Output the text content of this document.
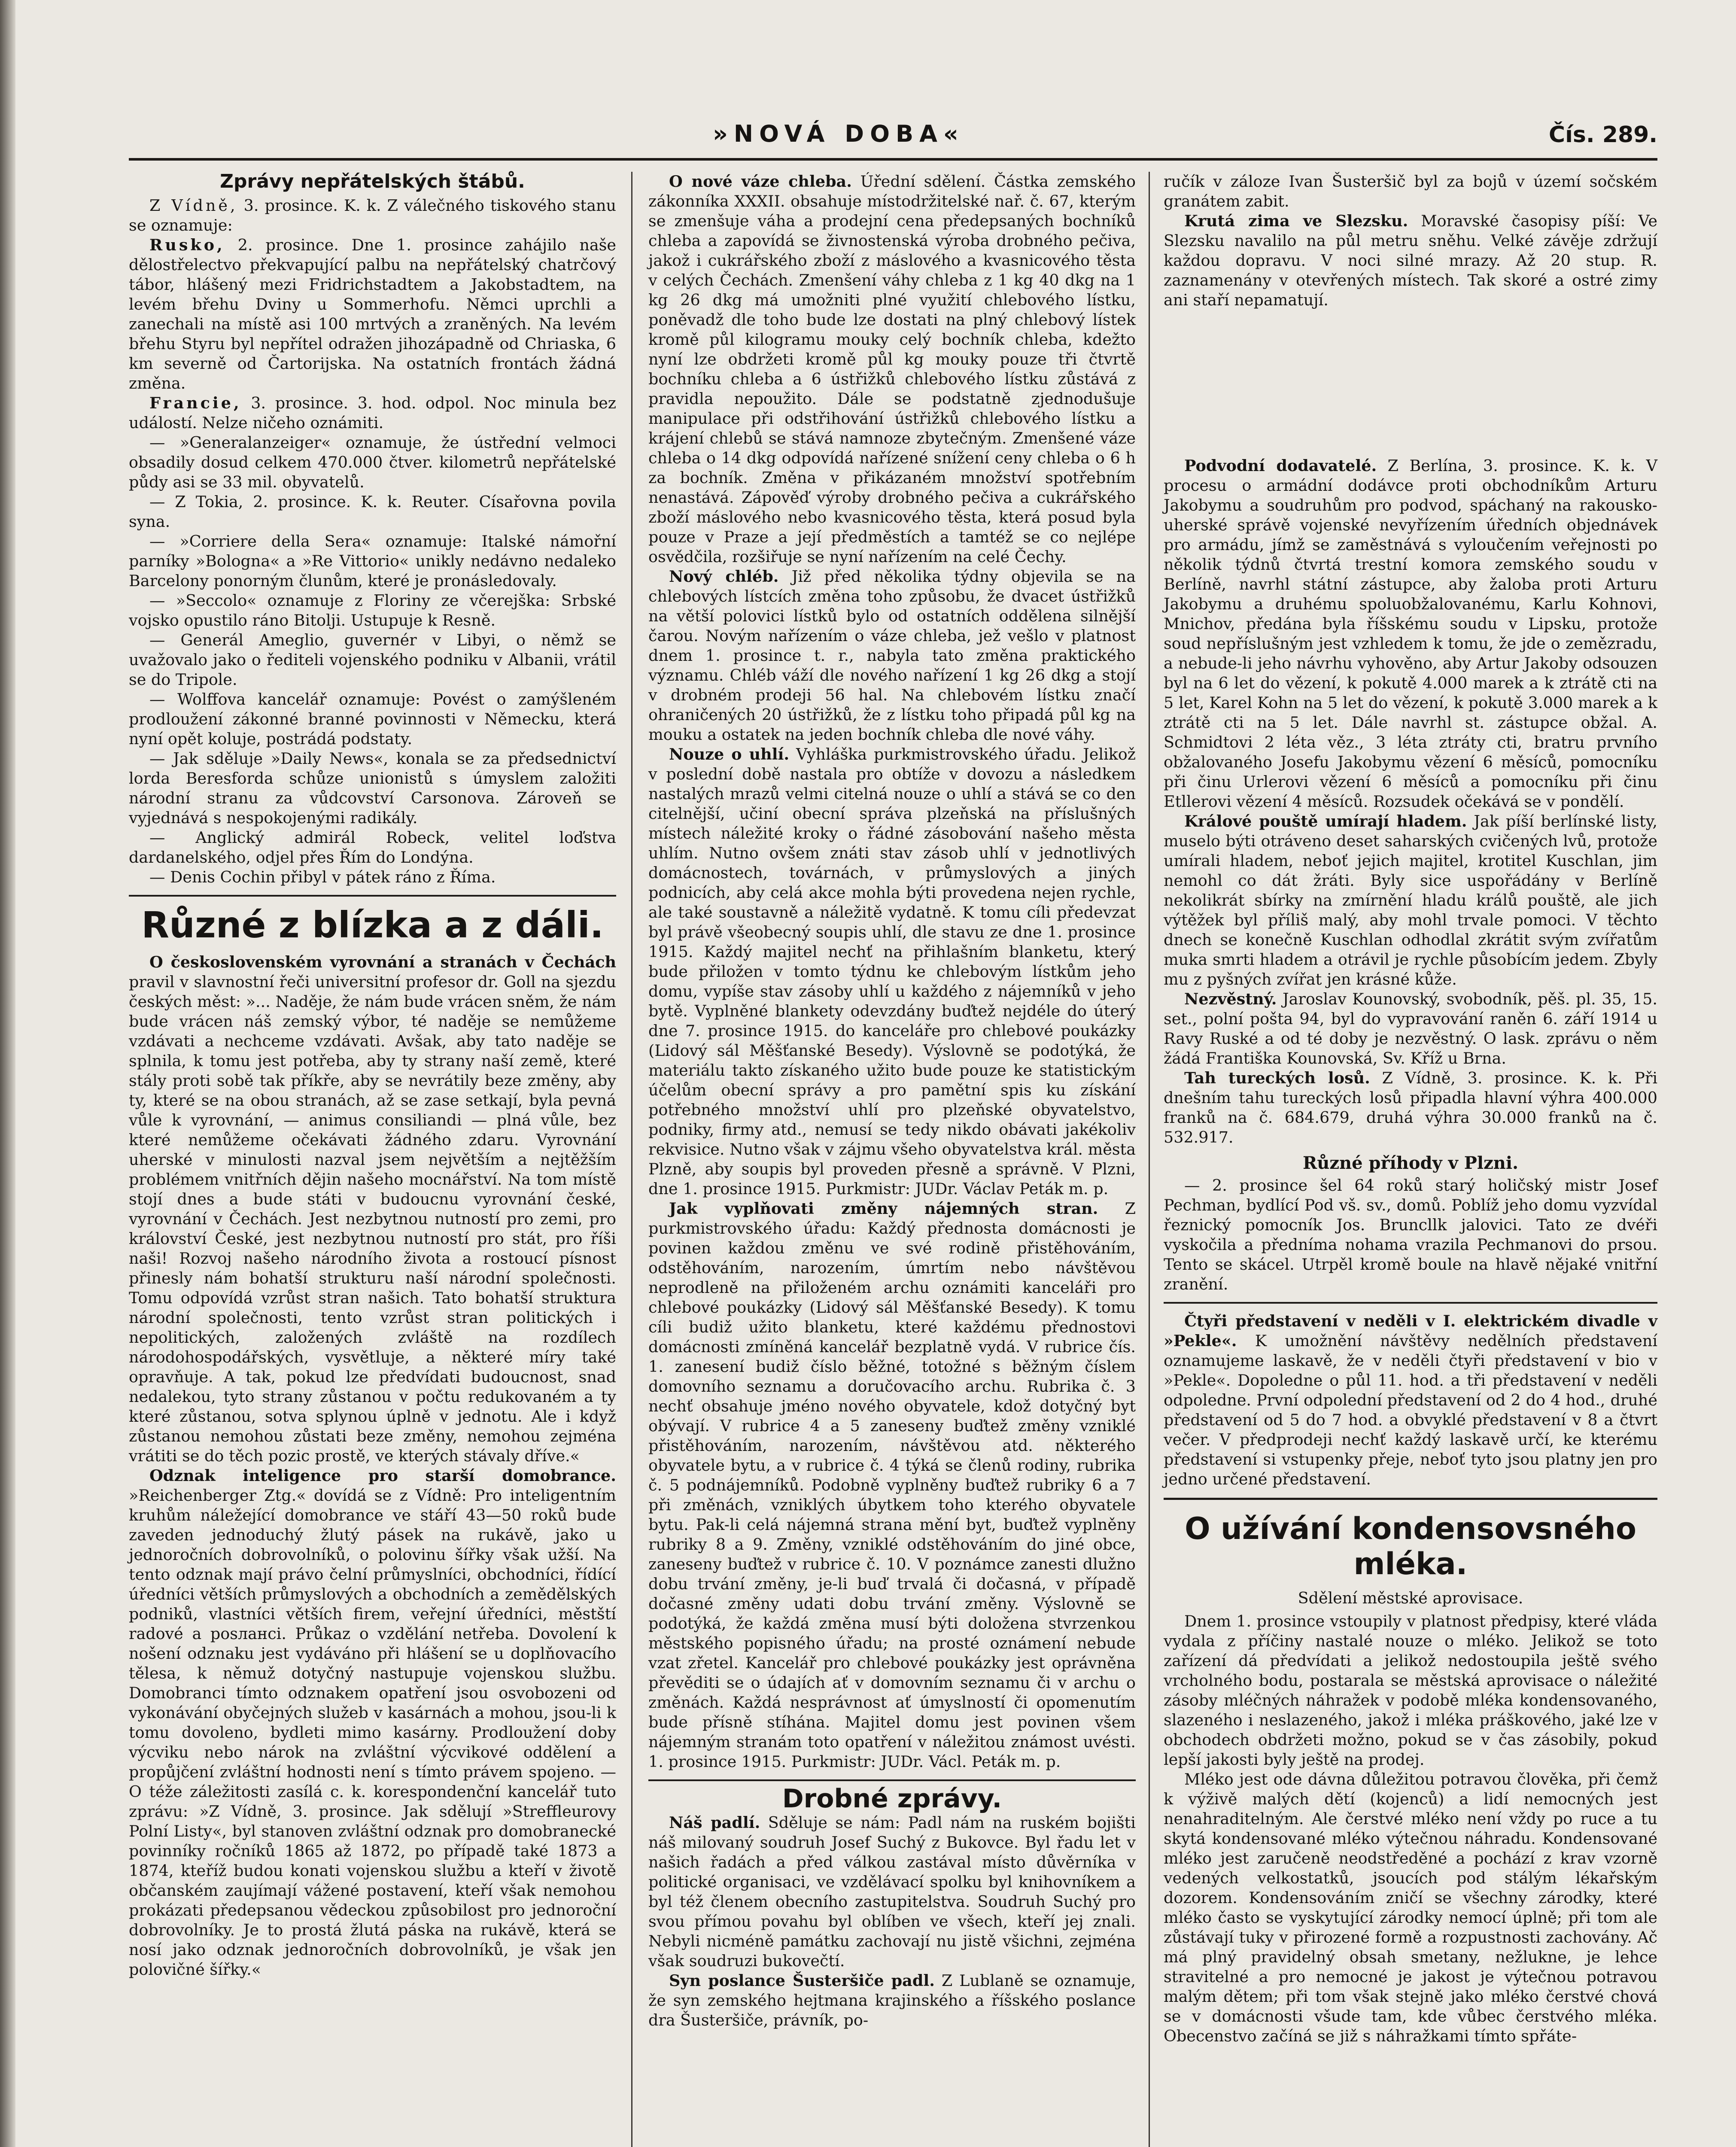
»NOVÁ DOBA«	Čís. 289.
Zprávy nepřátelských štábů.

Z Vídně, 3. prosince. K. k. Z válečného tiskového stanu se oznamuje:

Rusko, 2. prosince. Dne 1. prosince zahájilo naše dělostřelectvo překvapující palbu na nepřátelský chatrčový tábor, hlášený mezi Fridrichstadtem a Jakobstadtem, na levém břehu Dviny u Sommerhofu. Němci uprchli a zanechali na místě asi 100 mrtvých a zraněných. Na levém břehu Styru byl nepřítel odražen jihozápadně od Chriaska, 6 km severně od Čartorijska. Na ostatních frontách žádná změna.

Francie, 3. prosince. 3. hod. odpol. Noc minula bez událostí. Nelze ničeho oznámiti.

— »Generalanzeiger« oznamuje, že ústřední velmoci obsadily dosud celkem 470.000 čtver. kilometrů nepřátelské půdy asi se 33 mil. obyvatelů.

— Z Tokia, 2. prosince. K. k. Reuter. Císařovna povila syna.

— »Corriere della Sera« oznamuje: Italské námořní parníky »Bologna« a »Re Vittorio« unikly nedávno nedaleko Barcelony ponorným člunům, které je pronásledovaly.

— »Seccolo« oznamuje z Floriny ze včerejška: Srbské vojsko opustilo ráno Bitolji. Ustupuje k Resně.

— Generál Ameglio, guvernér v Libyi, o němž se uvažovalo jako o řediteli vojenského podniku v Albanii, vrátil se do Tripole.

— Wolffova kancelář oznamuje: Povést o zamýšleném prodloužení zákonné branné povinnosti v Německu, která nyní opět koluje, postrádá podstaty.

— Jak sděluje »Daily News«, konala se za předsednictví lorda Beresforda schůze unionistů s úmyslem založiti národní stranu za vůdcovství Carsonova. Zároveň se vyjednává s nespokojenými radikály.

— Anglický admirál Robeck, velitel loďstva dardanelského, odjel přes Řím do Londýna.

— Denis Cochin přibyl v pátek ráno z Říma.

Různé z blízka a z dáli.

O československém vyrovnání a stranách v Čechách pravil v slavnostní řeči universitní profesor dr. Goll na sjezdu českých měst: »... Naděje, že nám bude vrácen sněm, že nám bude vrácen náš zemský výbor, té naděje se nemůžeme vzdávati a nechceme vzdávati. Avšak, aby tato naděje se splnila, k tomu jest potřeba, aby ty strany naší země, které stály proti sobě tak příkře, aby se nevrátily beze změny, aby ty, které se na obou stranách, až se zase setkají, byla pevná vůle k vyrovnání, — animus consiliandi — plná vůle, bez které nemůžeme očekávati žádného zdaru. Vyrovnání uherské v minulosti nazval jsem největším a nejtěžším problémem vnitřních dějin našeho mocnářství. Na tom místě stojí dnes a bude státi v budoucnu vyrovnání české, vyrovnání v Čechách. Jest nezbytnou nutností pro zemi, pro království České, jest nezbytnou nutností pro stát, pro říši naši! Rozvoj našeho národního života a rostoucí písnost přinesly nám bohatší strukturu naší národní společnosti. Tomu odpovídá vzrůst stran našich. Tato bohatší struktura národní společnosti, tento vzrůst stran politických i nepolitických, založených zvláště na rozdílech národohospodářských, vysvětluje, a některé míry také opravňuje. A tak, pokud lze předvídati budoucnost, snad nedalekou, tyto strany zůstanou v počtu redukovaném a ty které zůstanou, sotva splynou úplně v jednotu. Ale i když zůstanou nemohou zůstati beze změny, nemohou zejména vrátiti se do těch pozic prostě, ve kterých stávaly dříve.«

Odznak inteligence pro starší domobrance. »Reichenberger Ztg.« dovídá se z Vídně: Pro inteligentním kruhům náležející domobrance ve stáří 43—50 roků bude zaveden jednoduchý žlutý pásek na rukávě, jako u jednoročních dobrovolníků, o polovinu šířky však užší. Na tento odznak mají právo čelní průmyslníci, obchodníci, řídící úředníci větších průmyslových a obchodních a zemědělských podniků, vlastníci větších firem, veřejní úředníci, městští radové a posланci. Průkaz o vzdělání netřeba. Dovolení k nošení odznaku jest vydáváno při hlášení se u doplňovacího tělesa, k němuž dotyčný nastupuje vojenskou službu. Domobranci tímto odznakem opatření jsou osvobozeni od vykonávání obyčejných služeb v kasárnách a mohou, jsou-li k tomu dovoleno, bydleti mimo kasárny. Prodloužení doby výcviku nebo nárok na zvláštní výcvikové oddělení a propůjčení zvláštní hodnosti není s tímto právem spojeno. — O téže záležitosti zasílá c. k. korespondenční kancelář tuto zprávu: »Z Vídně, 3. prosince. Jak sdělují »Streffleurovy Polní Listy«, byl stanoven zvláštní odznak pro domobranecké povinníky ročníků 1865 až 1872, po případě také 1873 a 1874, kteříž budou konati vojenskou službu a kteří v životě občanském zaujímají vážené postavení, kteří však nemohou prokázati předepsanou vědeckou způsobilost pro jednoroční dobrovolníky. Je to prostá žlutá páska na rukávě, která se nosí jako odznak jednoročních dobrovolníků, je však jen polovičné šířky.«

O nové váze chleba. Úřední sdělení. Částka zemského zákonníka XXXII. obsahuje místodržitelské nař. č. 67, kterým se zmenšuje váha a prodejní cena předepsaných bochníků chleba a zapovídá se živnostenská výroba drobného pečiva, jakož i cukrářského zboží z máslového a kvasnicového těsta v celých Čechách. Zmenšení váhy chleba z 1 kg 40 dkg na 1 kg 26 dkg má umožniti plné využití chlebového lístku, poněvadž dle toho bude lze dostati na plný chlebový lístek kromě půl kilogramu mouky celý bochník chleba, kdežto nyní lze obdržeti kromě půl kg mouky pouze tři čtvrtě bochníku chleba a 6 ústřižků chlebového lístku zůstává z pravidla nepoužito. Dále se podstatně zjednodušuje manipulace při odstřihování ústřižků chlebového lístku a krájení chlebů se stává namnoze zbytečným. Zmenšené váze chleba o 14 dkg odpovídá nařízené snížení ceny chleba o 6 h za bochník. Změna v přikázaném množství spotřebním nenastává. Zápověď výroby drobného pečiva a cukrářského zboží máslového nebo kvasnicového těsta, která posud byla pouze v Praze a její předměstích a tamtéž se co nejlépe osvědčila, rozšiřuje se nyní nařízením na celé Čechy.

Nový chléb. Již před několika týdny objevila se na chlebových lístcích změna toho způsobu, že dvacet ústřižků na větší polovici lístků bylo od ostatních oddělena silnější čarou. Novým nařízením o váze chleba, jež vešlo v platnost dnem 1. prosince t. r., nabyla tato změna praktického významu. Chléb váží dle nového nařízení 1 kg 26 dkg a stojí v drobném prodeji 56 hal. Na chlebovém lístku značí ohraničených 20 ústřižků, že z lístku toho připadá půl kg na mouku a ostatek na jeden bochník chleba dle nové váhy.

Nouze o uhlí. Vyhláška purkmistrovského úřadu. Jelikož v poslední době nastala pro obtíže v dovozu a následkem nastalých mrazů velmi citelná nouze o uhlí a stává se co den citelnější, učiní obecní správa plzeňská na příslušných místech náležité kroky o řádné zásobování našeho města uhlím. Nutno ovšem znáti stav zásob uhlí v jednotlivých domácnostech, továrnách, v průmyslových a jiných podnicích, aby celá akce mohla býti provedena nejen rychle, ale také soustavně a náležitě vydatně. K tomu cíli předevzat byl právě všeobecný soupis uhlí, dle stavu ze dne 1. prosince 1915. Každý majitel nechť na přihlašním blanketu, který bude přiložen v tomto týdnu ke chlebovým lístkům jeho domu, vypíše stav zásoby uhlí u každého z nájemníků v jeho bytě. Vyplněné blankety odevzdány buďtež nejdéle do úterý dne 7. prosince 1915. do kanceláře pro chlebové poukázky (Lidový sál Měšťanské Besedy). Výslovně se podotýká, že materiálu takto získaného užito bude pouze ke statistickým účelům obecní správy a pro pamětní spis ku získání potřebného množství uhlí pro plzeňské obyvatelstvo, podniky, firmy atd., nemusí se tedy nikdo obávati jakékoliv rekvisice. Nutno však v zájmu všeho obyvatelstva král. města Plzně, aby soupis byl proveden přesně a správně. V Plzni, dne 1. prosince 1915. Purkmistr: JUDr. Václav Peták m. p.

Jak vyplňovati změny nájemných stran. Z purkmistrovského úřadu: Každý přednosta domácnosti je povinen každou změnu ve své rodině přistěhováním, odstěhováním, narozením, úmrtím nebo návštěvou neprodleně na přiloženém archu oznámiti kanceláři pro chlebové poukázky (Lidový sál Měšťanské Besedy). K tomu cíli budiž užito blanketu, které každému přednostovi domácnosti zmíněná kancelář bezplatně vydá. V rubrice čís. 1. zanesení budiž číslo běžné, totožné s běžným číslem domovního seznamu a doručovacího archu. Rubrika č. 3 nechť obsahuje jméno nového obyvatele, kdož dotyčný byt obývají. V rubrice 4 a 5 zaneseny buďtež změny vzniklé přistěhováním, narozením, návštěvou atd. některého obyvatele bytu, a v rubrice č. 4 týká se členů rodiny, rubrika č. 5 podnájemníků. Podobně vyplněny buďtež rubriky 6 a 7 při změnách, vzniklých úbytkem toho kterého obyvatele bytu. Pak-li celá nájemná strana mění byt, buďtež vyplněny rubriky 8 a 9. Změny, vzniklé odstěhováním do jiné obce, zaneseny buďtež v rubrice č. 10. V poznámce zanesti dlužno dobu trvání změny, je-li buď trvalá či dočasná, v případě dočasné změny udati dobu trvání změny. Výslovně se podotýká, že každá změna musí býti doložena stvrzenkou městského popisného úřadu; na prosté oznámení nebude vzat zřetel. Kancelář pro chlebové poukázky jest oprávněna převěditi se o údajích ať v domovním seznamu či v archu o změnách. Každá nesprávnost ať úmyslností či opomenutím bude přísně stíhána. Majitel domu jest povinen všem nájemným stranám toto opatření v náležitou známost uvésti. 1. prosince 1915. Purkmistr: JUDr. Václ. Peták m. p.

Drobné zprávy.

Náš padlí. Sděluje se nám: Padl nám na ruském bojišti náš milovaný soudruh Josef Suchý z Bukovce. Byl řadu let v našich řadách a před válkou zastával místo důvěrníka v politické organisaci, ve vzdělávací spolku byl knihovníkem a byl též členem obecního zastupitelstva. Soudruh Suchý pro svou přímou povahu byl oblíben ve všech, kteří jej znali. Nebyli nicméně památku zachovají nu jistě všichni, zejména však soudruzi bukovečtí.

Syn poslance Šusteršiče padl. Z Lublaně se oznamuje, že syn zemského hejtmana krajinského a říšského poslance dra Šusteršiče, právník, po-

ručík v záloze Ivan Šusteršič byl za bojů v území sočském granátem zabit.

Krutá zima ve Slezsku. Moravské časopisy píší: Ve Slezsku navalilo na půl metru sněhu. Velké závěje zdržují každou dopravu. V noci silné mrazy. Až 20 stup. R. zaznamenány v otevřených místech. Tak skoré a ostré zimy ani staří nepamatují.

Podvodní dodavatelé. Z Berlína, 3. prosince. K. k. V procesu o armádní dodávce proti obchodníkům Arturu Jakobymu a soudruhům pro podvod, spáchaný na rakousko-uherské správě vojenské nevyřízením úředních objednávek pro armádu, jímž se zaměstnává s vyloučením veřejnosti po několik týdnů čtvrtá trestní komora zemského soudu v Berlíně, navrhl státní zástupce, aby žaloba proti Arturu Jakobymu a druhému spoluobžalovanému, Karlu Kohnovi, Mnichov, předána byla říšskému soudu v Lipsku, protože soud nepříslušným jest vzhledem k tomu, že jde o zemězradu, a nebude-li jeho návrhu vyhověno, aby Artur Jakoby odsouzen byl na 6 let do vězení, k pokutě 4.000 marek a k ztrátě cti na 5 let, Karel Kohn na 5 let do vězení, k pokutě 3.000 marek a k ztrátě cti na 5 let. Dále navrhl st. zástupce obžal. A. Schmidtovi 2 léta věz., 3 léta ztráty cti, bratru prvního obžalovaného Josefu Jakobymu vězení 6 měsíců, pomocníku při činu Urlerovi vězení 6 měsíců a pomocníku při činu Etllerovi vězení 4 měsíců. Rozsudek očekává se v pondělí.

Králové pouště umírají hladem. Jak píší berlínské listy, muselo býti otráveno deset saharských cvičených lvů, protože umírali hladem, neboť jejich majitel, krotitel Kuschlan, jim nemohl co dát žráti. Byly sice uspořádány v Berlíně nekolikrát sbírky na zmírnění hladu králů pouště, ale jich výtěžek byl příliš malý, aby mohl trvale pomoci. V těchto dnech se konečně Kuschlan odhodlal zkrátit svým zvířatům muka smrti hladem a otrávil je rychle působícím jedem. Zbyly mu z pyšných zvířat jen krásné kůže.

Nezvěstný. Jaroslav Kounovský, svobodník, pěš. pl. 35, 15. set., polní pošta 94, byl do vypravování raněn 6. září 1914 u Ravy Ruské a od té doby je nezvěstný. O lask. zprávu o něm žádá Františka Kounovská, Sv. Kříž u Brna.

Tah tureckých losů. Z Vídně, 3. prosince. K. k. Při dnešním tahu tureckých losů připadla hlavní výhra 400.000 franků na č. 684.679, druhá výhra 30.000 franků na č. 532.917.

Různé příhody v Plzni.

— 2. prosince šel 64 roků starý holičský mistr Josef Pechman, bydlící Pod vš. sv., domů. Poblíž jeho domu vyzvídal řeznický pomocník Jos. Bruncllk jalovici. Tato ze dvéři vyskočila a předníma nohama vrazila Pechmanovi do prsou. Tento se skácel. Utrpěl kromě boule na hlavě nějaké vnitřní zranění.

Čtyři představení v neděli v I. elektrickém divadle v »Pekle«. K umožnění návštěvy nedělních představení oznamujeme laskavě, že v neděli čtyři představení v bio v »Pekle«. Dopoledne o půl 11. hod. a tři představení v neděli odpoledne. První odpolední představení od 2 do 4 hod., druhé představení od 5 do 7 hod. a obvyklé představení v 8 a čtvrt večer. V předprodeji nechť každý laskavě určí, ke kterému představení si vstupenky přeje, neboť tyto jsou platny jen pro jedno určené představení.

O užívání kondensovsného mléka.

Sdělení městské aprovisace.

Dnem 1. prosince vstoupily v platnost předpisy, které vláda vydala z příčiny nastalé nouze o mléko. Jelikož se toto zařízení dá předvídati a jelikož nedostoupila ještě svého vrcholného bodu, postarala se městská aprovisace o náležité zásoby mléčných náhražek v podobě mléka kondensovaného, slazeného i neslazeného, jakož i mléka práškového, jaké lze v obchodech obdržeti možno, pokud se v čas zásobily, pokud lepší jakosti byly ještě na prodej.

Mléko jest ode dávna důležitou potravou člověka, při čemž k výživě malých dětí (kojenců) a lidí nemocných jest nenahraditelným. Ale čerstvé mléko není vždy po ruce a tu skytá kondensované mléko výtečnou náhradu. Kondensované mléko jest zaručeně neodstředěné a pochází z krav vzorně vedených velkostatků, jsoucích pod stálým lékařským dozorem. Kondensováním zničí se všechny zárodky, které mléko často se vyskytující zárodky nemocí úplně; při tom ale zůstávají tuky v přirozené formě a rozpustnosti zachovány. Ač má plný pravidelný obsah smetany, nežlukne, je lehce stravitelné a pro nemocné je jakost je výtečnou potravou malým dětem; při tom však stejně jako mléko čerstvé chová se v domácnosti všude tam, kde vůbec čerstvého mléka. Obecenstvo začíná se již s náhražkami tímto spřáte-
